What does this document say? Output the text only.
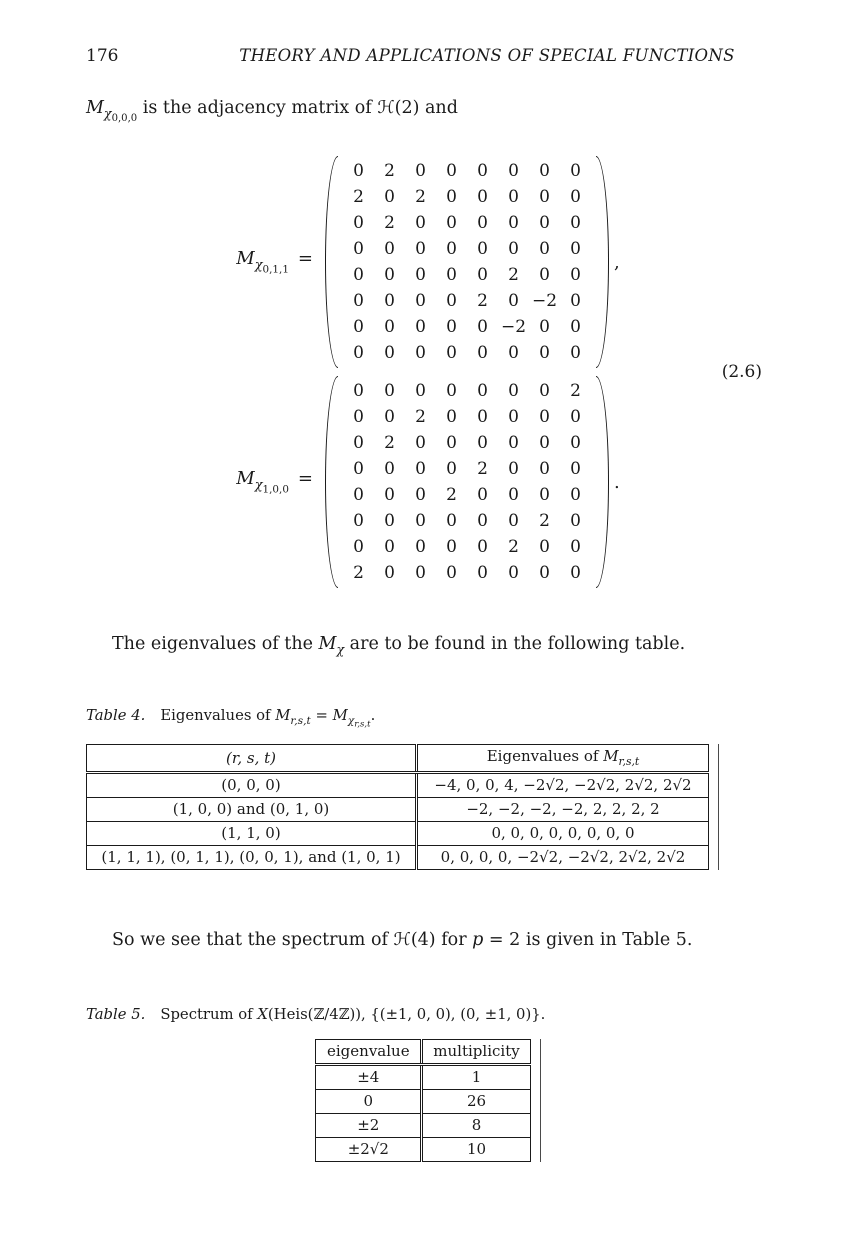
176	THEORY AND APPLICATIONS OF SPECIAL FUNCTIONS

$M_{\chi_{0,0,0}}$ is the adjacency matrix of ℋ(2) and

$M_{\chi_{0,1,1}}=$
0	2	0	0	0	0	0	0
2	0	2	0	0	0	0	0
0	2	0	0	0	0	0	0
0	0	0	0	0	0	0	0
0	0	0	0	0	2	0	0
0	0	0	0	2	0 −2 0
0	0	0	0	0 −2 0	0
0	0	0	0	0	0	0	0
,
$M_{\chi_{1,0,0}}=$
0	0	0	0	0	0	0	2
0	0	2	0	0	0	0	0
0	2	0	0	0	0	0	0
0	0	0	0	2	0	0	0
0	0	0	2	0	0	0	0
0	0	0	0	0	0	2	0
0	0	0	0	0	2	0	0
2	0	0	0	0	0	0	0
.
(2.6)

The eigenvalues of the $M_\chi$ are to be found in the following table.

Table 4. Eigenvalues of $M_{r,s,t} = M_{\chi_{r,s,t}}$.

(r, s, t)	Eigenvalues of $M_{r,s,t}$
(0, 0, 0)	−4, 0, 0, 4, −2√2, −2√2, 2√2, 2√2
(1, 0, 0) and (0, 1, 0)	−2, −2, −2, −2, 2, 2, 2, 2
(1, 1, 0)	0, 0, 0, 0, 0, 0, 0, 0
(1, 1, 1), (0, 1, 1), (0, 0, 1), and (1, 0, 1)	0, 0, 0, 0, −2√2, −2√2, 2√2, 2√2

So we see that the spectrum of ℋ(4) for p = 2 is given in Table 5.

Table 5. Spectrum of X(Heis(ℤ/4ℤ)), {(±1, 0, 0), (0, ±1, 0)}.

eigenvalue	multiplicity
±4	1
0	26
±2	8
±2√2	10
